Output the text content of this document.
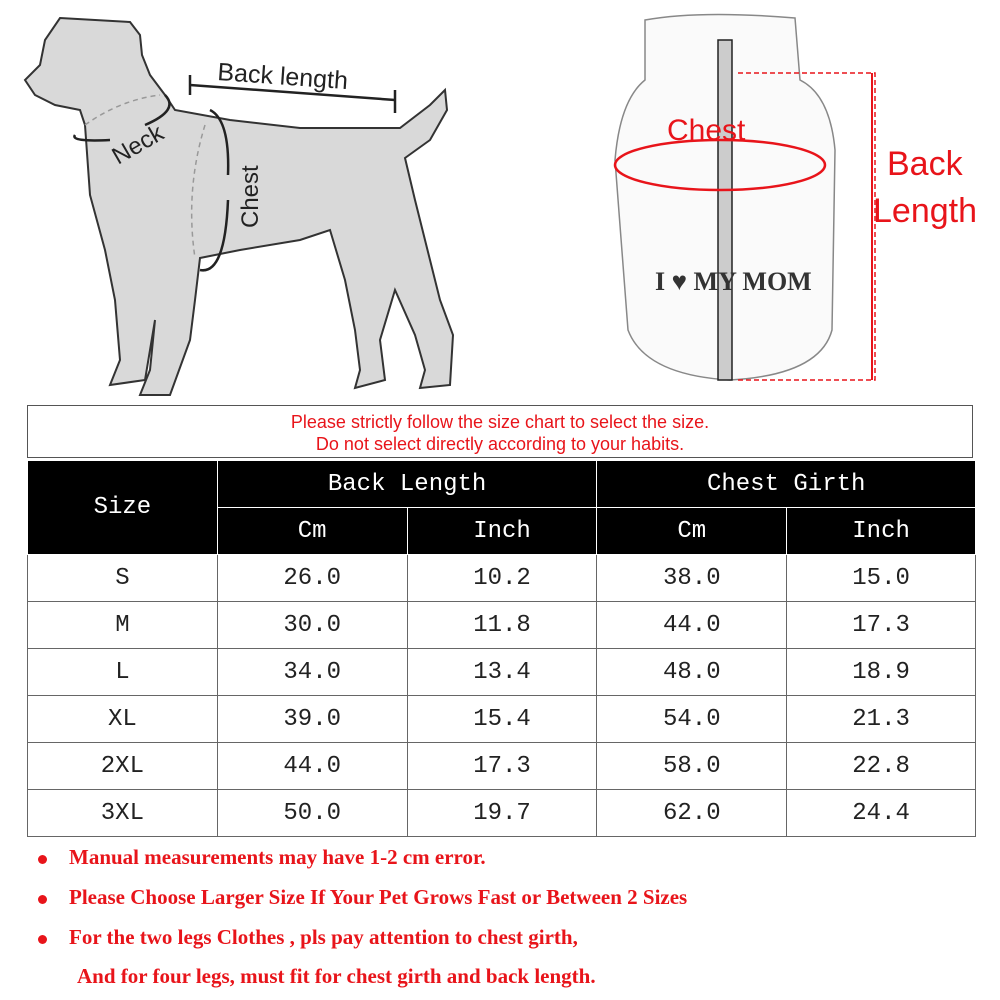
Back length
Neck
Chest
I ♥ MY MOM
Chest
Back
Length
Please strictly follow the size chart to select the size.
Do not select directly according to your habits.
Size	Back Length		Chest Girth	
	Cm	Inch	Cm	Inch
S	26.0	10.2	38.0	15.0
M	30.0	11.8	44.0	17.3
L	34.0	13.4	48.0	18.9
XL	39.0	15.4	54.0	21.3
2XL	44.0	17.3	58.0	22.8
3XL	50.0	19.7	62.0	24.4
Manual measurements may have 1-2 cm error.
Please Choose Larger Size If Your Pet Grows Fast or Between 2 Sizes
For the two legs Clothes , pls pay attention to chest girth,
And for four legs, must fit for chest girth and back length.
